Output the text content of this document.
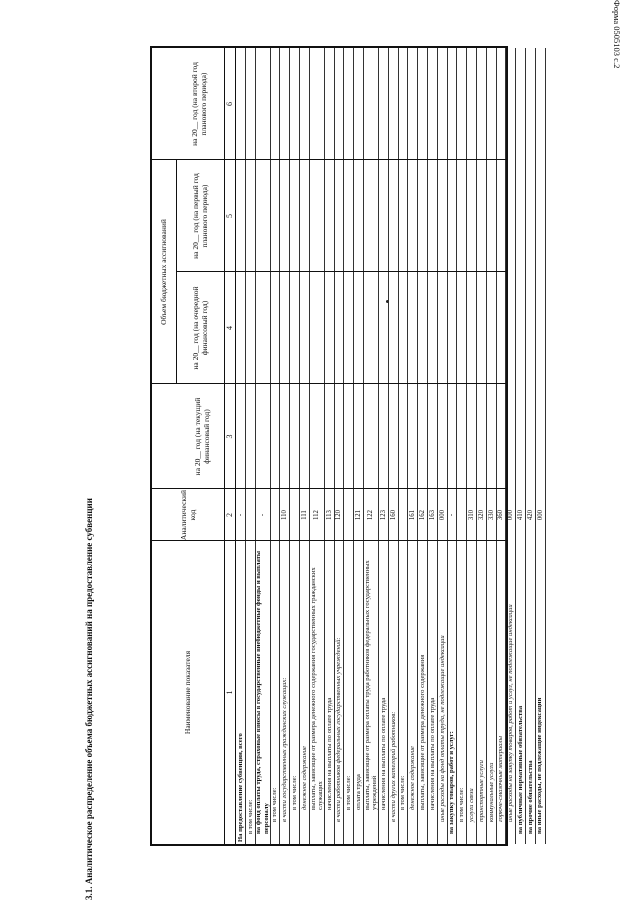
Форма 0505103 с.2
3.1. Аналитическое распределение объема бюджетных ассигнований на предоставление субвенции	Наименование показателя
Аналитический код
на 20__ год (на текущий финансовый год)
Объем бюджетных ассигнований
на 20__ год (на очередной финансовый год)
на 20__ год (на первый год планового периода)
на 20__ год (на второй год планового периода)
1
2
3
4
5
6
На предоставление субвенции, всего
-
в том числе: на фонд оплаты труда, страховые взносы в государственные внебюджетные фонды и выплаты персоналу
-
в том числе: в части государственных гражданских служащих:
110
в том числе: денежное содержание
111
выплаты, зависящие от размера денежного содержания государственных гражданских служащих
112
начисления на выплаты по оплате труда
113
в части работников федеральных государственных учреждений:
120
в том числе: оплата труда
121
выплаты, зависящие от размера оплаты труда работников федеральных государственных учреждений
122
начисления на выплаты по оплате труда
123
в части других категорий работников:
160
в том числе: денежное содержание
161
выплаты, зависящие от размера денежного содержания
162
начисления на выплаты по оплате труда
163
иные расходы на фонд оплаты труда, не подлежащие индексации
000
на закупку товаров, работ и услуг:
-
в том числе: услуги связи
310
транспортные услуги
320
коммунальные услуги
330
горюче-смазочные материалы
360
иные расходы на закупку товаров, работ и услуг, не подлежащие индексации
000
на публичные нормативные обязательства
410
на прочие обязательства
420
на иные расходы, не подлежащие индексации
000
